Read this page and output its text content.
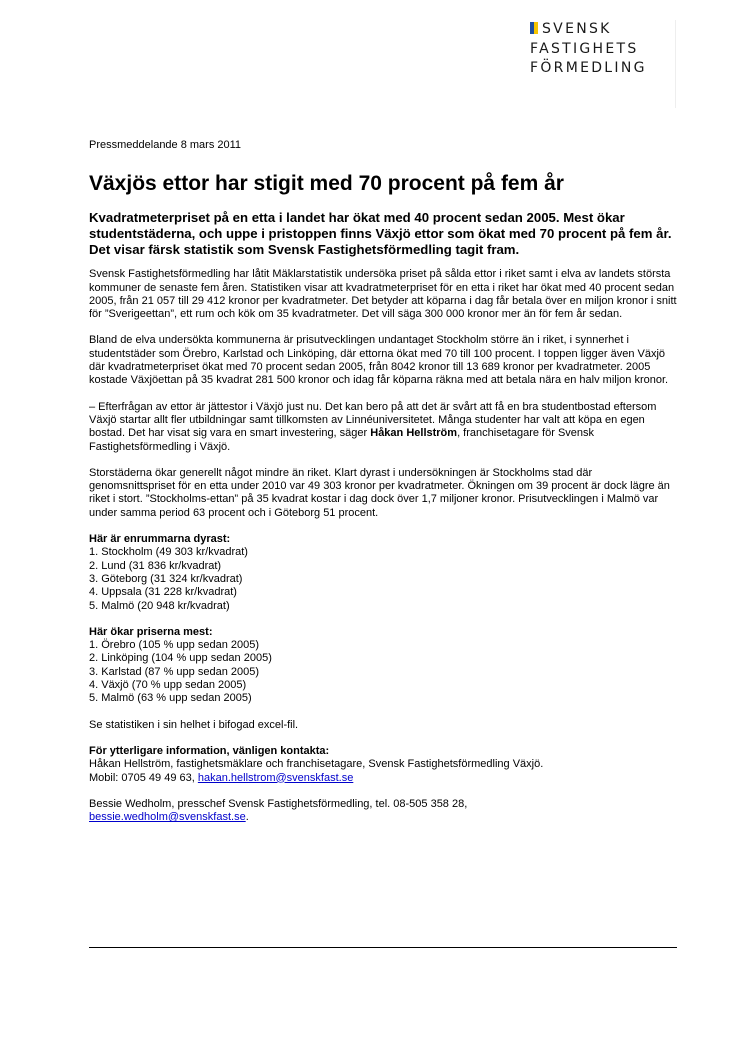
SVENSK
FASTIGHETS
FÖRMEDLING

Pressmeddelande 8 mars 2011

Växjös ettor har stigit med 70 procent på fem år

Kvadratmeterpriset på en etta i landet har ökat med 40 procent sedan 2005. Mest ökar studentstäderna, och uppe i pristoppen finns Växjö ettor som ökat med 70 procent på fem år. Det visar färsk statistik som Svensk Fastighetsförmedling tagit fram.

Svensk Fastighetsförmedling har låtit Mäklarstatistik undersöka priset på sålda ettor i riket samt i elva av landets största kommuner de senaste fem åren. Statistiken visar att kvadratmeterpriset för en etta i riket har ökat med 40 procent sedan 2005, från 21 057 till 29 412 kronor per kvadratmeter. Det betyder att köparna i dag får betala över en miljon kronor i snitt för ”Sverigeettan”, ett rum och kök om 35 kvadratmeter. Det vill säga 300 000 kronor mer än för fem år sedan.

Bland de elva undersökta kommunerna är prisutvecklingen undantaget Stockholm större än i riket, i synnerhet i studentstäder som Örebro, Karlstad och Linköping, där ettorna ökat med 70 till 100 procent. I toppen ligger även Växjö där kvadratmeterpriset ökat med 70 procent sedan 2005, från 8042 kronor till 13 689 kronor per kvadratmeter. 2005 kostade Växjöettan på 35 kvadrat 281 500 kronor och idag får köparna räkna med att betala nära en halv miljon kronor.

– Efterfrågan av ettor är jättestor i Växjö just nu. Det kan bero på att det är svårt att få en bra studentbostad eftersom Växjö startar allt fler utbildningar samt tillkomsten av Linnéuniversitetet. Många studenter har valt att köpa en egen bostad. Det har visat sig vara en smart investering, säger Håkan Hellström, franchisetagare för Svensk Fastighetsförmedling i Växjö.

Storstäderna ökar generellt något mindre än riket. Klart dyrast i undersökningen är Stockholms stad där genomsnittspriset för en etta under 2010 var 49 303 kronor per kvadratmeter. Ökningen om 39 procent är dock lägre än riket i stort. ”Stockholms-ettan” på 35 kvadrat kostar i dag dock över 1,7 miljoner kronor. Prisutvecklingen i Malmö var under samma period 63 procent och i Göteborg 51 procent.

Här är enrummarna dyrast:
1. Stockholm (49 303 kr/kvadrat)
2. Lund (31 836 kr/kvadrat)
3. Göteborg (31 324 kr/kvadrat)
4. Uppsala (31 228 kr/kvadrat)
5. Malmö (20 948 kr/kvadrat)

Här ökar priserna mest:
1. Örebro (105 % upp sedan 2005)
2. Linköping (104 % upp sedan 2005)
3. Karlstad (87 % upp sedan 2005)
4. Växjö (70 % upp sedan 2005)
5. Malmö (63 % upp sedan 2005)

Se statistiken i sin helhet i bifogad excel-fil.

För ytterligare information, vänligen kontakta:
Håkan Hellström, fastighetsmäklare och franchisetagare, Svensk Fastighetsförmedling Växjö.
Mobil: 0705 49 49 63, hakan.hellstrom@svenskfast.se

Bessie Wedholm, presschef Svensk Fastighetsförmedling, tel. 08-505 358 28,
bessie.wedholm@svenskfast.se.
